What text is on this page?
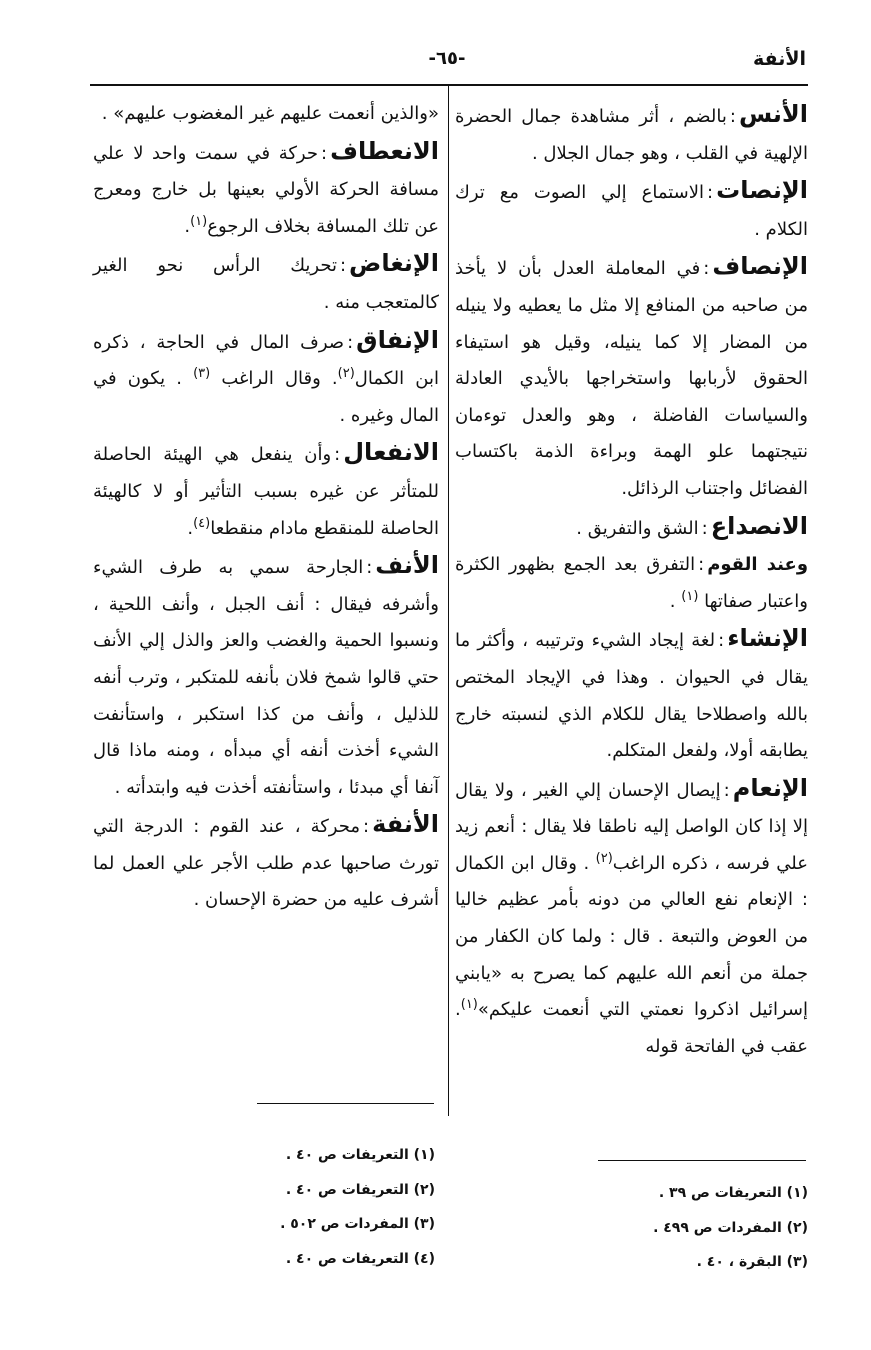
الأنفة
-٦٥-

الأنس:بالضم ، أثر مشاهدة جمال الحضرة الإلهية في القلب ، وهو جمال الجلال .

الإنصات:الاستماع إلي الصوت مع ترك الكلام .

الإنصاف:في المعاملة العدل بأن لا يأخذ من صاحبه من المنافع إلا مثل ما يعطيه ولا ينيله من المضار إلا كما ينيله، وقيل هو استيفاء الحقوق لأربابها واستخراجها بالأيدي العادلة والسياسات الفاضلة ، وهو والعدل توءمان نتيجتهما علو الهمة وبراءة الذمة باكتساب الفضائل واجتناب الرذائل.

الانصداع:الشق والتفريق .

وعند القوم:التفرق بعد الجمع بظهور الكثرة واعتبار صفاتها $^{(١)}$ .

الإنشاء:لغة إيجاد الشيء وترتيبه ، وأكثر ما يقال في الحيوان . وهذا في الإيجاد المختص بالله واصطلاحا يقال للكلام الذي لنسبته خارج يطابقه أولا، ولفعل المتكلم.

الإنعام:إيصال الإحسان إلي الغير ، ولا يقال إلا إذا كان الواصل إليه ناطقا فلا يقال : أنعم زيد علي فرسه ، ذكره الراغب$^{(٢)}$ . وقال ابن الكمال : الإنعام نفع العالي من دونه بأمر عظيم خاليا من العوض والتبعة . قال : ولما كان الكفار من جملة من أنعم الله عليهم كما يصرح به «يابني إسرائيل اذكروا نعمتي التي أنعمت عليكم»$^{(١)}$. عقب في الفاتحة قوله

«والذين أنعمت عليهم غير المغضوب عليهم» .

الانعطاف:حركة في سمت واحد لا علي مسافة الحركة الأولي بعينها بل خارج ومعرج عن تلك المسافة بخلاف الرجوع$^{(١)}$.

الإنغاض:تحريك الرأس نحو الغير كالمتعجب منه .

الإنفاق:صرف المال في الحاجة ، ذكره ابن الكمال$^{(٢)}$. وقال الراغب $^{(٣)}$ . يكون في المال وغيره .

الانفعال:وأن ينفعل هي الهيئة الحاصلة للمتأثر عن غيره بسبب التأثير أو لا كالهيئة الحاصلة للمنقطع مادام منقطعا$^{(٤)}$.

الأنف:الجارحة سمي به طرف الشيء وأشرفه فيقال : أنف الجبل ، وأنف اللحية ، ونسبوا الحمية والغضب والعز والذل إلي الأنف حتي قالوا شمخ فلان بأنفه للمتكبر ، وترب أنفه للذليل ، وأنف من كذا استكبر ، واستأنفت الشيء أخذت أنفه أي مبدأه ، ومنه ماذا قال آنفا أي مبدئا ، واستأنفته أخذت فيه وابتدأته .

الأنفة:محركة ، عند القوم : الدرجة التي تورث صاحبها عدم طلب الأجر علي العمل لما أشرف عليه من حضرة الإحسان .

(١) التعريفات ص ٤٠ .
(٢) التعريفات ص ٤٠ .
(٣) المفردات ص ٥٠٢ .
(٤) التعريفات ص ٤٠ .
(١) التعريفات ص ٣٩ .
(٢) المفردات ص ٤٩٩ .
(٣) البقرة ، ٤٠ .
